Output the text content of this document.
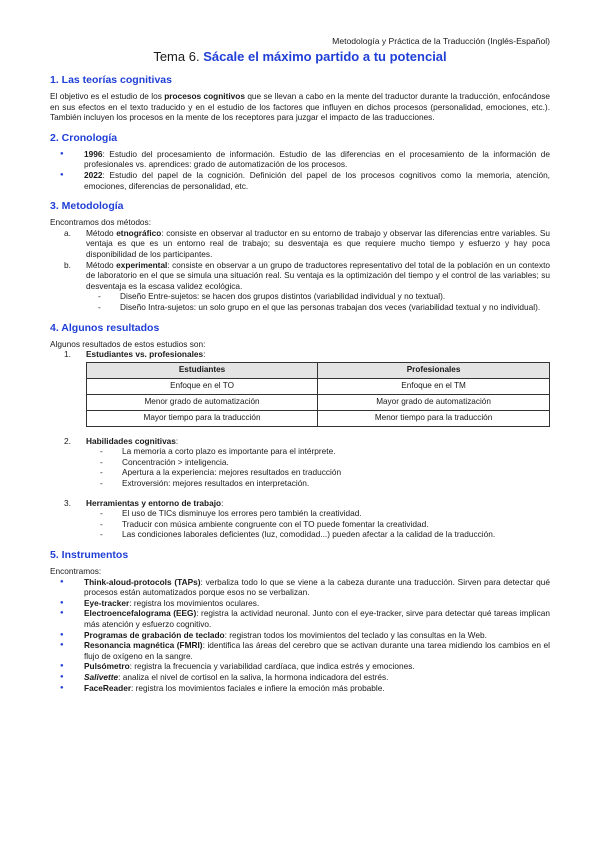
Metodología y Práctica de la Traducción (Inglés-Español)
Tema 6. Sácale el máximo partido a tu potencial
1. Las teorías cognitivas

El objetivo es el estudio de los procesos cognitivos que se llevan a cabo en la mente del traductor durante la traducción, enfocándose en sus efectos en el texto traducido y en el estudio de los factores que influyen en dichos procesos (personalidad, emociones, etc.). También incluyen los procesos en la mente de los receptores para juzgar el impacto de las traducciones.

2. Cronología
● 1996: Estudio del procesamiento de información. Estudio de las diferencias en el procesamiento de la información de profesionales vs. aprendices: grado de automatización de los procesos.
● 2022: Estudio del papel de la cognición. Definición del papel de los procesos cognitivos como la memoria, atención, emociones, diferencias de personalidad, etc.
3. Metodología

Encontramos dos métodos:

a. Método etnográfico: consiste en observar al traductor en su entorno de trabajo y observar las diferencias entre variables. Su ventaja es que es un entorno real de trabajo; su desventaja es que requiere mucho tiempo y esfuerzo y hay poca disponibilidad de los participantes.
b. Método experimental: consiste en observar a un grupo de traductores representativo del total de la población en un contexto de laboratorio en el que se simula una situación real. Su ventaja es la optimización del tiempo y el control de las variables; su desventaja es la escasa validez ecológica.
- Diseño Entre-sujetos: se hacen dos grupos distintos (variabilidad individual y no textual).
- Diseño Intra-sujetos: un solo grupo en el que las personas trabajan dos veces (variabilidad textual y no individual).
4. Algunos resultados

Algunos resultados de estos estudios son:

1. Estudiantes vs. profesionales:
Estudiantes	Profesionales
Enfoque en el TO	Enfoque en el TM
Menor grado de automatización	Mayor grado de automatización
Mayor tiempo para la traducción	Menor tiempo para la traducción
2. Habilidades cognitivas:
- La memoria a corto plazo es importante para el intérprete.
- Concentración > inteligencia.
- Apertura a la experiencia: mejores resultados en traducción
- Extroversión: mejores resultados en interpretación.
3. Herramientas y entorno de trabajo:
- El uso de TICs disminuye los errores pero también la creatividad.
- Traducir con música ambiente congruente con el TO puede fomentar la creatividad.
- Las condiciones laborales deficientes (luz, comodidad...) pueden afectar a la calidad de la traducción.
5. Instrumentos

Encontramos:

● Think-aloud-protocols (TAPs): verbaliza todo lo que se viene a la cabeza durante una traducción. Sirven para detectar qué procesos están automatizados porque esos no se verbalizan.
● Eye-tracker: registra los movimientos oculares.
● Electroencefalograma (EEG): registra la actividad neuronal. Junto con el eye-tracker, sirve para detectar qué tareas implican más atención y esfuerzo cognitivo.
● Programas de grabación de teclado: registran todos los movimientos del teclado y las consultas en la Web.
● Resonancia magnética (FMRI): identifica las áreas del cerebro que se activan durante una tarea midiendo los cambios en el flujo de oxígeno en la sangre.
● Pulsómetro: registra la frecuencia y variabilidad cardíaca, que indica estrés y emociones.
● Salivette: analiza el nivel de cortisol en la saliva, la hormona indicadora del estrés.
● FaceReader: registra los movimientos faciales e infiere la emoción más probable.
